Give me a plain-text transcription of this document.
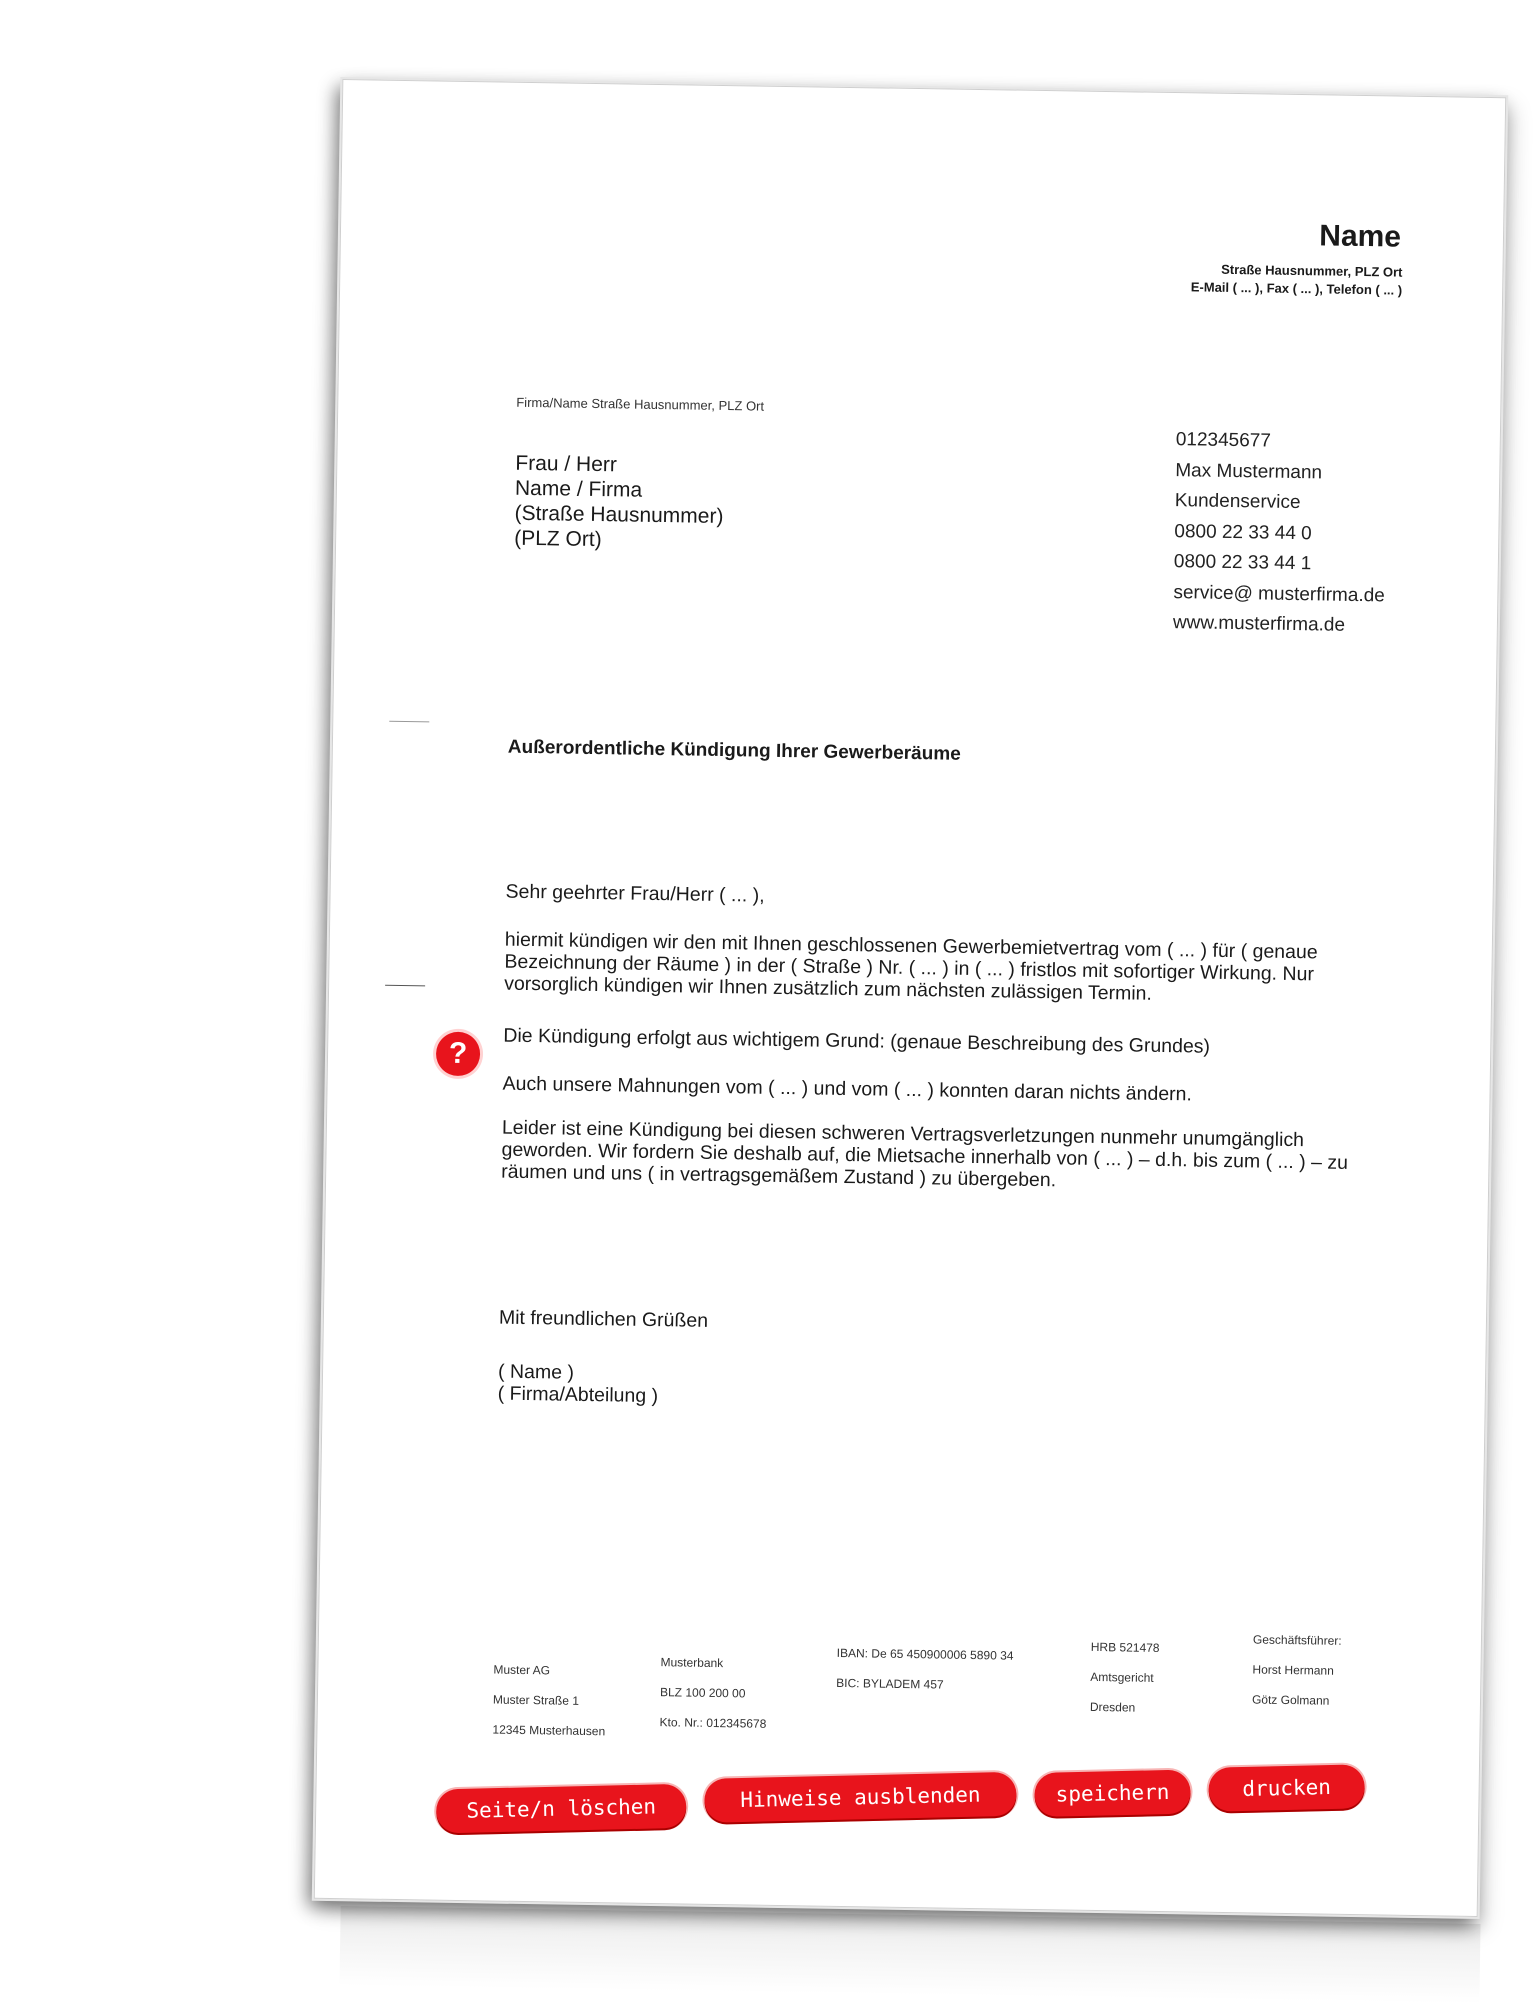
Name
Straße Hausnummer, PLZ Ort
E-Mail ( ... ), Fax ( ... ), Telefon ( ... )
Firma/Name Straße Hausnummer, PLZ Ort
Frau / Herr
Name / Firma
(Straße Hausnummer)
(PLZ Ort)
012345677
Max Mustermann
Kundenservice
0800 22 33 44 0
0800 22 33 44 1
service@ musterfirma.de
www.musterfirma.de
Außerordentliche Kündigung Ihrer Gewerberäume
Sehr geehrter Frau/Herr ( ... ),
hiermit kündigen wir den mit Ihnen geschlossenen Gewerbemietvertrag vom ( ... ) für ( genaue Bezeichnung der Räume ) in der ( Straße ) Nr. ( ... ) in ( ... ) fristlos mit sofortiger Wirkung. Nur vorsorglich kündigen wir Ihnen zusätzlich zum nächsten zulässigen Termin.
Die Kündigung erfolgt aus wichtigem Grund: (genaue Beschreibung des Grundes)
Auch unsere Mahnungen vom ( ... ) und vom ( ... ) konnten daran nichts ändern.
Leider ist eine Kündigung bei diesen schweren Vertragsverletzungen nunmehr unumgänglich geworden. Wir fordern Sie deshalb auf, die Mietsache innerhalb von ( ... ) – d.h. bis zum ( ... ) – zu räumen und uns ( in vertragsgemäßem Zustand ) zu übergeben.
?
Mit freundlichen Grüßen
( Name )
( Firma/Abteilung )
Muster AG
Muster Straße 1
12345 Musterhausen
Musterbank
BLZ 100 200 00
Kto. Nr.: 012345678
IBAN: De 65 450900006 5890 34
BIC: BYLADEM 457
HRB 521478
Amtsgericht
Dresden
Geschäftsführer:
Horst Hermann
Götz Golmann
Seite/n löschen	Hinweise ausblenden	speichern	drucken
